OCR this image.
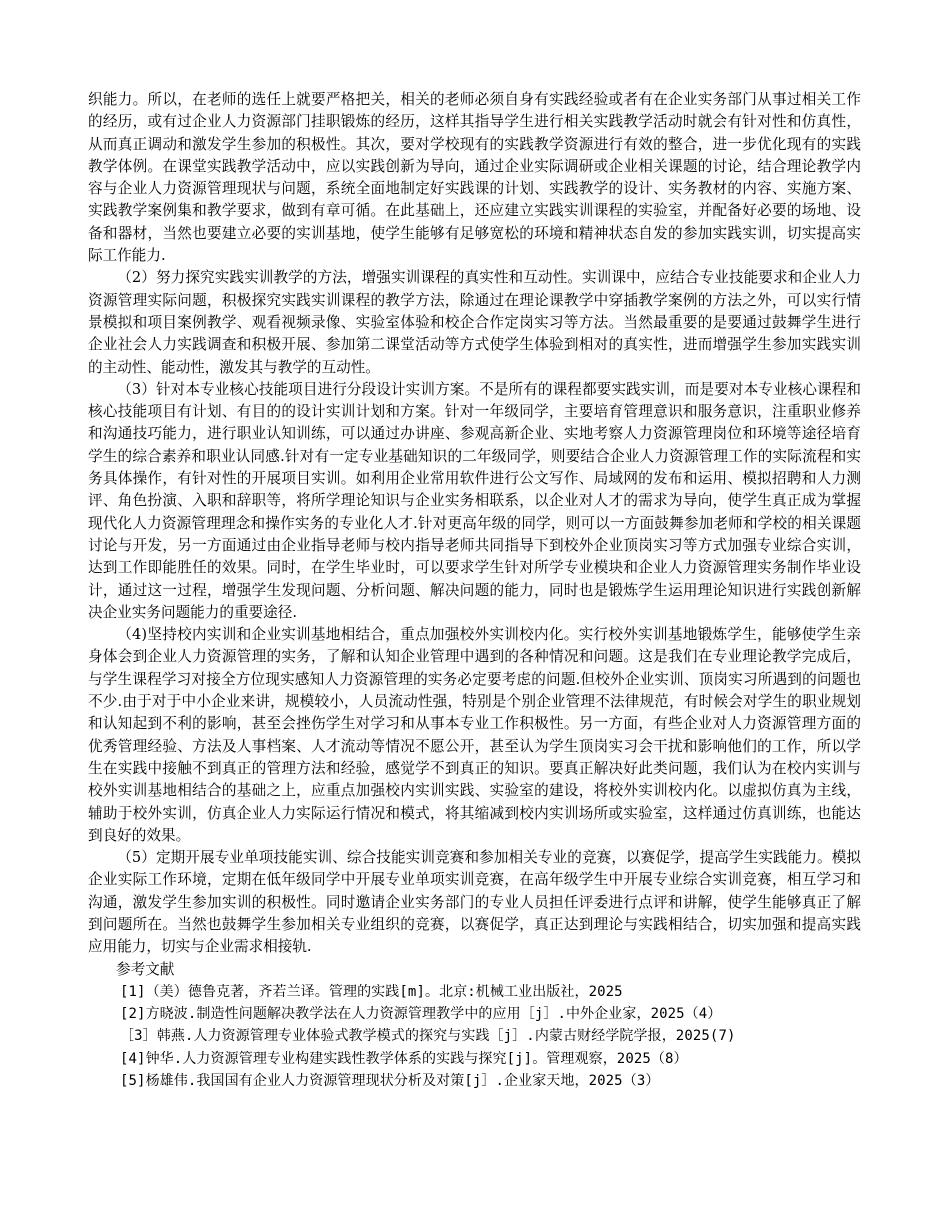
织能力。所以，在老师的选任上就要严格把关，相关的老师必须自身有实践经验或者有在企业实务部门从事过相关工作的经历，或有过企业人力资源部门挂职锻炼的经历，这样其指导学生进行相关实践教学活动时就会有针对性和仿真性，从而真正调动和激发学生参加的积极性。其次，要对学校现有的实践教学资源进行有效的整合，进一步优化现有的实践教学体例。在课堂实践教学活动中，应以实践创新为导向，通过企业实际调研或企业相关课题的讨论，结合理论教学内容与企业人力资源管理现状与问题，系统全面地制定好实践课的计划、实践教学的设计、实务教材的内容、实施方案、实践教学案例集和教学要求，做到有章可循。在此基础上，还应建立实践实训课程的实验室，并配备好必要的场地、设备和器材，当然也要建立必要的实训基地，使学生能够有足够宽松的环境和精神状态自发的参加实践实训，切实提高实际工作能力.

（2）努力探究实践实训教学的方法，增强实训课程的真实性和互动性。实训课中，应结合专业技能要求和企业人力资源管理实际问题，积极探究实践实训课程的教学方法，除通过在理论课教学中穿插教学案例的方法之外，可以实行情景模拟和项目案例教学、观看视频录像、实验室体验和校企合作定岗实习等方法。当然最重要的是要通过鼓舞学生进行企业社会人力实践调查和积极开展、参加第二课堂活动等方式使学生体验到相对的真实性，进而增强学生参加实践实训的主动性、能动性，激发其与教学的互动性。

（3）针对本专业核心技能项目进行分段设计实训方案。不是所有的课程都要实践实训，而是要对本专业核心课程和核心技能项目有计划、有目的的设计实训计划和方案。针对一年级同学，主要培育管理意识和服务意识，注重职业修养和沟通技巧能力，进行职业认知训练，可以通过办讲座、参观高新企业、实地考察人力资源管理岗位和环境等途径培育学生的综合素养和职业认同感.针对有一定专业基础知识的二年级同学，则要结合企业人力资源管理工作的实际流程和实务具体操作，有针对性的开展项目实训。如利用企业常用软件进行公文写作、局域网的发布和运用、模拟招聘和人力测评、角色扮演、入职和辞职等，将所学理论知识与企业实务相联系，以企业对人才的需求为导向，使学生真正成为掌握现代化人力资源管理理念和操作实务的专业化人才.针对更高年级的同学，则可以一方面鼓舞参加老师和学校的相关课题讨论与开发，另一方面通过由企业指导老师与校内指导老师共同指导下到校外企业顶岗实习等方式加强专业综合实训，达到工作即能胜任的效果。同时，在学生毕业时，可以要求学生针对所学专业模块和企业人力资源管理实务制作毕业设计，通过这一过程，增强学生发现问题、分析问题、解决问题的能力，同时也是锻炼学生运用理论知识进行实践创新解决企业实务问题能力的重要途径.

（4)坚持校内实训和企业实训基地相结合，重点加强校外实训校内化。实行校外实训基地锻炼学生，能够使学生亲身体会到企业人力资源管理的实务，了解和认知企业管理中遇到的各种情况和问题。这是我们在专业理论教学完成后，与学生课程学习对接全方位现实感知人力资源管理的实务必定要考虑的问题.但校外企业实训、顶岗实习所遇到的问题也不少.由于对于中小企业来讲，规模较小，人员流动性强，特别是个别企业管理不法律规范，有时候会对学生的职业规划和认知起到不利的影响，甚至会挫伤学生对学习和从事本专业工作积极性。另一方面，有些企业对人力资源管理方面的优秀管理经验、方法及人事档案、人才流动等情况不愿公开，甚至认为学生顶岗实习会干扰和影响他们的工作，所以学生在实践中接触不到真正的管理方法和经验，感觉学不到真正的知识。要真正解决好此类问题，我们认为在校内实训与校外实训基地相结合的基础之上，应重点加强校内实训实践、实验室的建设，将校外实训校内化。以虚拟仿真为主线，辅助于校外实训，仿真企业人力实际运行情况和模式，将其缩减到校内实训场所或实验室，这样通过仿真训练，也能达到良好的效果。

（5）定期开展专业单项技能实训、综合技能实训竞赛和参加相关专业的竞赛，以赛促学，提高学生实践能力。模拟企业实际工作环境，定期在低年级同学中开展专业单项实训竞赛，在高年级学生中开展专业综合实训竞赛，相互学习和沟通，激发学生参加实训的积极性。同时邀请企业实务部门的专业人员担任评委进行点评和讲解，使学生能够真正了解到问题所在。当然也鼓舞学生参加相关专业组织的竞赛，以赛促学，真正达到理论与实践相结合，切实加强和提高实践应用能力，切实与企业需求相接轨.

参考文献

[1]（美）德鲁克著，齐若兰译。管理的实践[m]。北京:机械工业出版社，2025

[2]方晓波.制造性问题解决教学法在人力资源管理教学中的应用［j］.中外企业家，2025（4）

［3］韩燕.人力资源管理专业体验式教学模式的探究与实践［j］.内蒙古财经学院学报，2025(7)

[4]钟华.人力资源管理专业构建实践性教学体系的实践与探究[j]。管理观察，2025（8）

[5]杨雄伟.我国国有企业人力资源管理现状分析及对策[j］.企业家天地，2025（3）
